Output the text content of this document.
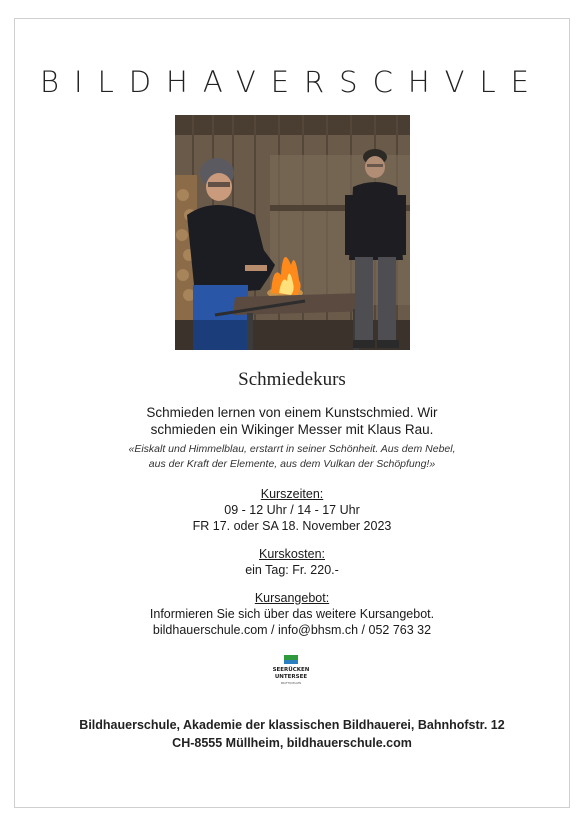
BILDHAVERSCHVLE
Schmiedekurs
Schmieden lernen von einem Kunstschmied. Wir
schmieden ein Wikinger Messer mit Klaus Rau.
«Eiskalt und Himmelblau, erstarrt in seiner Schönheit. Aus dem Nebel,
aus der Kraft der Elemente, aus dem Vulkan der Schöpfung!»
Kurszeiten:
09 - 12 Uhr / 14 - 17 Uhr
FR 17. oder SA 18. November 2023
Kurskosten:
ein Tag: Fr. 220.-
Kursangebot:
Informieren Sie sich über das weitere Kursangebot.
bildhauerschule.com / info@bhsm.ch / 052 763 32
SEERÜCKEN
UNTERSEE
KRAFTQUELLEN
Bildhauerschule, Akademie der klassischen Bildhauerei, Bahnhofstr. 12
CH-8555 Müllheim, bildhauerschule.com
